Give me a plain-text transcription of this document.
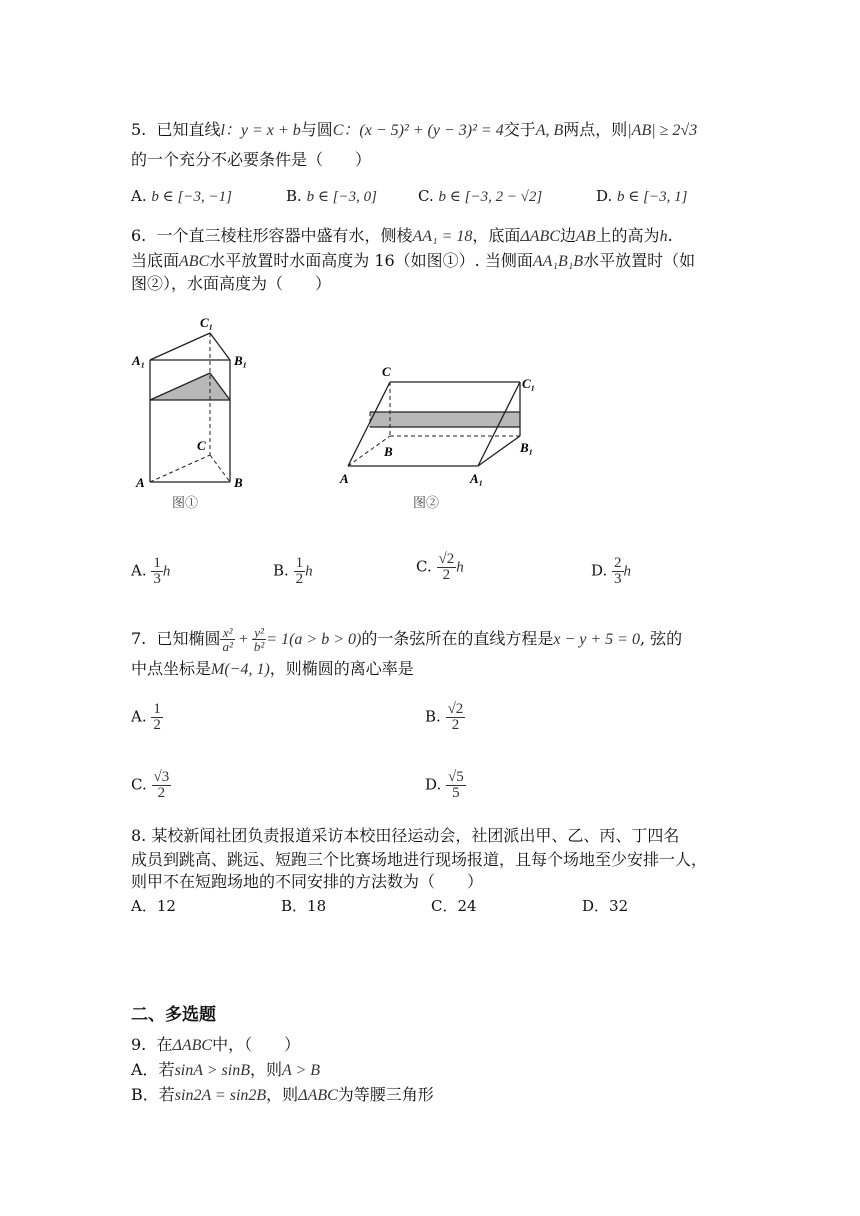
5. 已知直线l：y = x + b与圆C：(x − 5)² + (y − 3)² = 4交于A, B两点，则|AB| ≥ 2√3
的一个充分不必要条件是（　　）
A. b ∈ [−3, −1]	B. b ∈ [−3, 0]	C. b ∈ [−3, 2 − √2]	D. b ∈ [−3, 1]
6. 一个直三棱柱形容器中盛有水，侧棱AA₁ = 18，底面ΔABC边AB上的高为h.
当底面ABC水平放置时水面高度为 16（如图①）. 当侧面AA₁B₁B水平放置时（如
图②），水面高度为（　　）
C₁
A₁	B₁
C
A	B
图①
C
C₁
B	B₁
A	A₁
图②
A. $\frac{1}{3}$ h	B. $\frac{1}{2}$ h	C. $\frac{√2}{2}$ h	D. $\frac{2}{3}$ h
7. 已知椭圆 $\frac{\text{x²}}{\text{a²}} + \frac{\text{y²}}{\text{b²}} = 1(a > b > 0)$的一条弦所在的直线方程是x − y + 5 = 0, 弦的
中点坐标是M(−4, 1)，则椭圆的离心率是
A. $\frac{1}{2}$	B. $\frac{√2}{2}$
C. $\frac{√3}{2}$	D. $\frac{√5}{5}$
8. 某校新闻社团负责报道采访本校田径运动会，社团派出甲、乙、丙、丁四名
成员到跳高、跳远、短跑三个比赛场地进行现场报道，且每个场地至少安排一人，
则甲不在短跑场地的不同安排的方法数为（　　）
A．12	B．18	C．24	D．32
二、多选题
9. 在ΔABC中，（　　）
A．若sinA > sinB，则A > B
B．若sin2A = sin2B，则ΔABC为等腰三角形
